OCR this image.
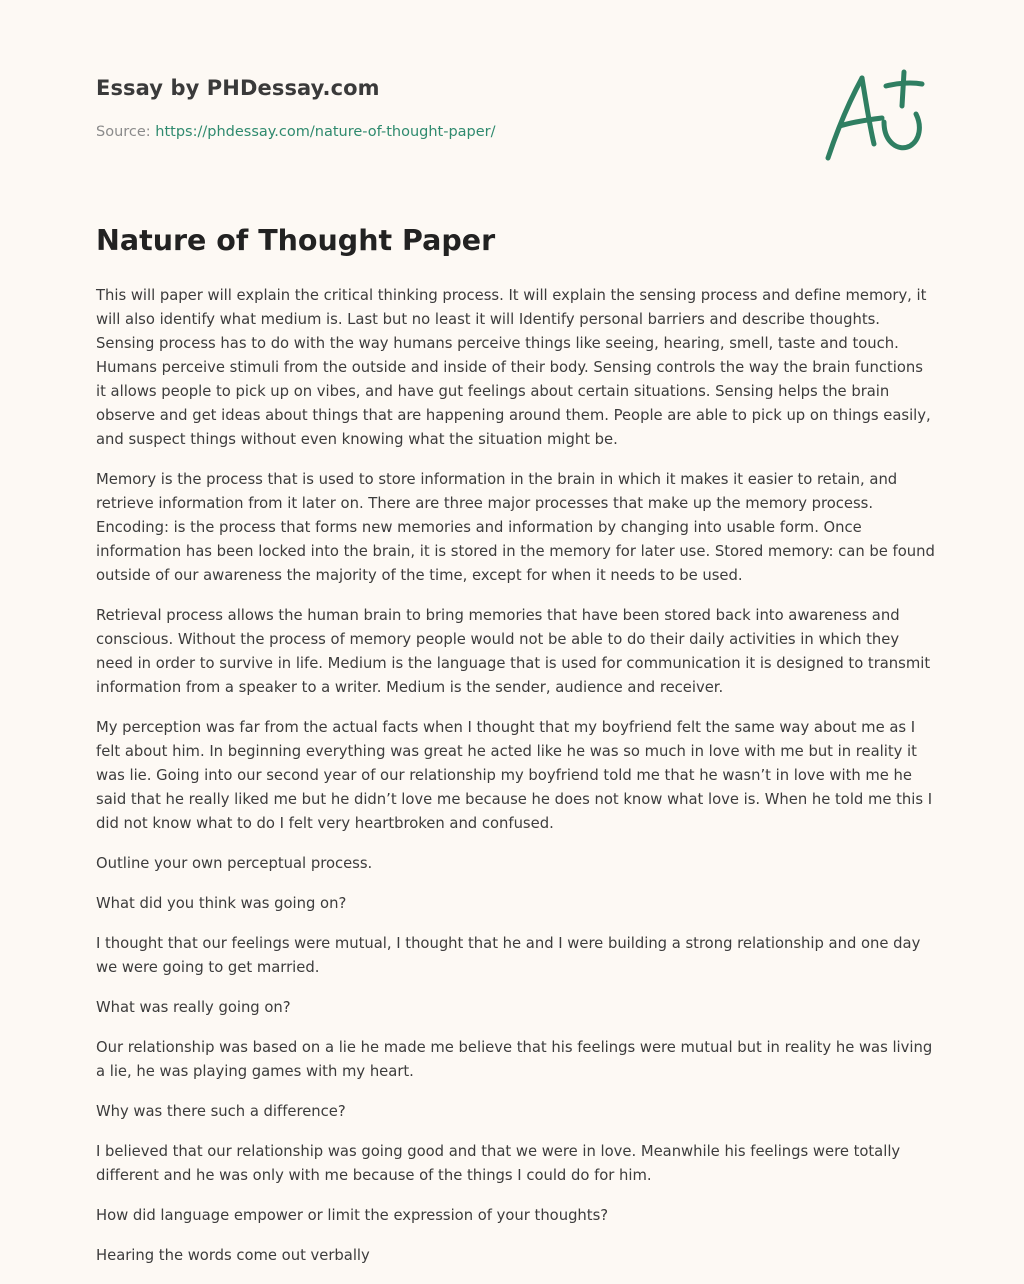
Essay by PHDessay.com
Source: https://phdessay.com/nature-of-thought-paper/
Nature of Thought Paper

This will paper will explain the critical thinking process. It will explain the sensing process and define memory, it will also identify what medium is. Last but no least it will Identify personal barriers and describe thoughts. Sensing process has to do with the way humans perceive things like seeing, hearing, smell, taste and touch. Humans perceive stimuli from the outside and inside of their body. Sensing controls the way the brain functions it allows people to pick up on vibes, and have gut feelings about certain situations. Sensing helps the brain observe and get ideas about things that are happening around them. People are able to pick up on things easily, and suspect things without even knowing what the situation might be.

Memory is the process that is used to store information in the brain in which it makes it easier to retain, and retrieve information from it later on. There are three major processes that make up the memory process. Encoding: is the process that forms new memories and information by changing into usable form. Once information has been locked into the brain, it is stored in the memory for later use. Stored memory: can be found outside of our awareness the majority of the time, except for when it needs to be used.

Retrieval process allows the human brain to bring memories that have been stored back into awareness and conscious. Without the process of memory people would not be able to do their daily activities in which they need in order to survive in life. Medium is the language that is used for communication it is designed to transmit information from a speaker to a writer. Medium is the sender, audience and receiver.

My perception was far from the actual facts when I thought that my boyfriend felt the same way about me as I felt about him. In beginning everything was great he acted like he was so much in love with me but in reality it was lie. Going into our second year of our relationship my boyfriend told me that he wasn’t in love with me he said that he really liked me but he didn’t love me because he does not know what love is. When he told me this I did not know what to do I felt very heartbroken and confused.

Outline your own perceptual process.

What did you think was going on?

I thought that our feelings were mutual, I thought that he and I were building a strong relationship and one day we were going to get married.

What was really going on?

Our relationship was based on a lie he made me believe that his feelings were mutual but in reality he was living a lie, he was playing games with my heart.

Why was there such a difference?

I believed that our relationship was going good and that we were in love. Meanwhile his feelings were totally different and he was only with me because of the things I could do for him.

How did language empower or limit the expression of your thoughts?

Hearing the words come out verbally
